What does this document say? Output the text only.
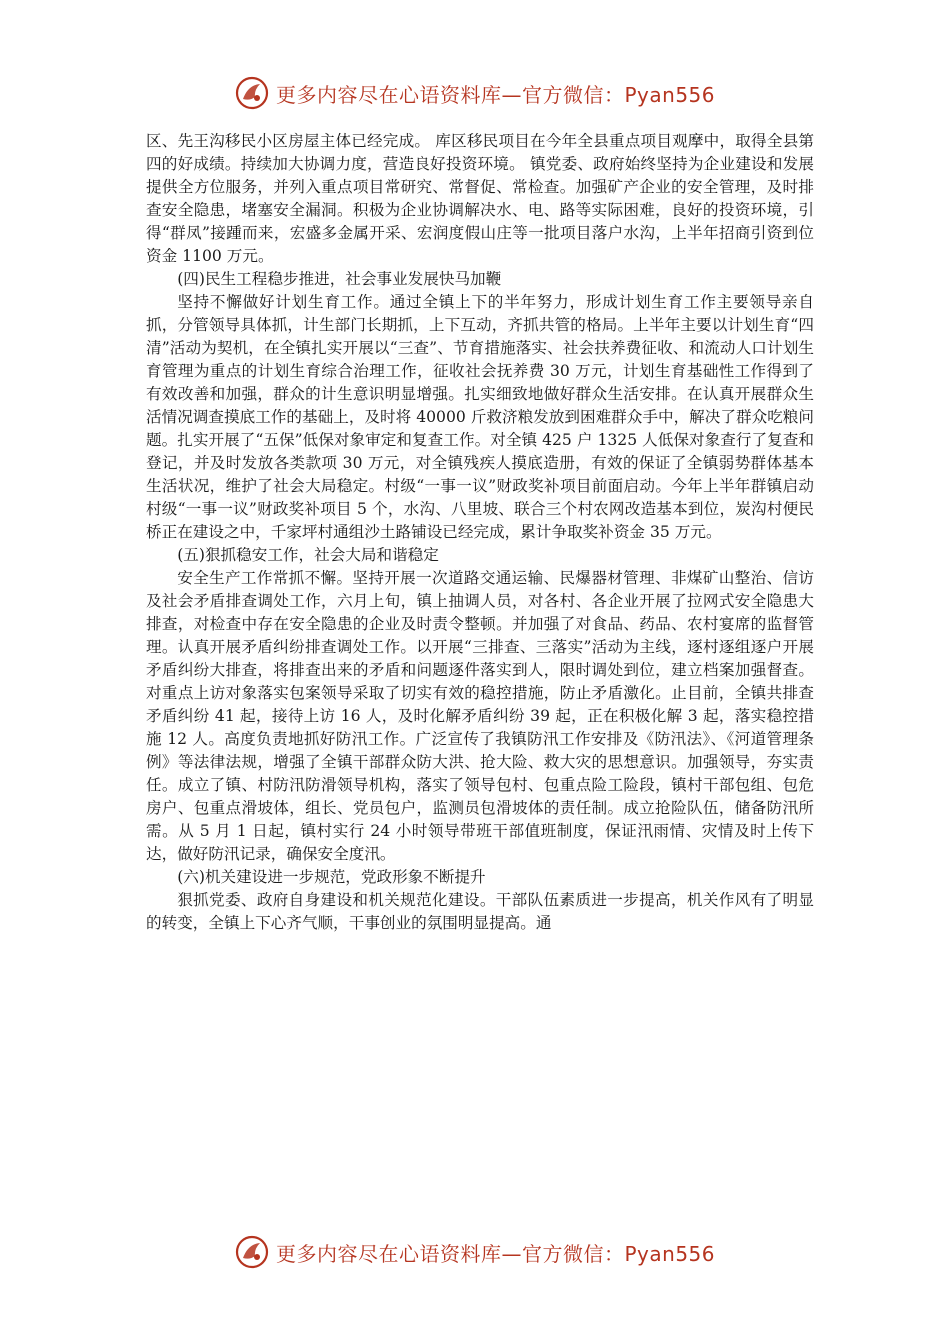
更多内容尽在心语资料库—官方微信：Pyan556

区、先王沟移民小区房屋主体已经完成。 库区移民项目在今年全县重点项目观摩中，取得全县第四的好成绩。持续加大协调力度，营造良好投资环境。 镇党委、政府始终坚持为企业建设和发展提供全方位服务，并列入重点项目常研究、常督促、常检查。加强矿产企业的安全管理，及时排查安全隐患，堵塞安全漏洞。积极为企业协调解决水、电、路等实际困难，良好的投资环境，引得“群凤”接踵而来，宏盛多金属开采、宏润度假山庄等一批项目落户水沟，上半年招商引资到位资金 1100 万元。

(四)民生工程稳步推进，社会事业发展快马加鞭

坚持不懈做好计划生育工作。通过全镇上下的半年努力，形成计划生育工作主要领导亲自抓，分管领导具体抓，计生部门长期抓，上下互动，齐抓共管的格局。上半年主要以计划生育“四清”活动为契机，在全镇扎实开展以“三查”、节育措施落实、社会扶养费征收、和流动人口计划生育管理为重点的计划生育综合治理工作，征收社会抚养费 30 万元，计划生育基础性工作得到了有效改善和加强，群众的计生意识明显增强。扎实细致地做好群众生活安排。在认真开展群众生活情况调查摸底工作的基础上，及时将 40000 斤救济粮发放到困难群众手中，解决了群众吃粮问题。扎实开展了“五保”低保对象审定和复查工作。对全镇 425 户 1325 人低保对象查行了复查和登记，并及时发放各类款项 30 万元，对全镇残疾人摸底造册，有效的保证了全镇弱势群体基本生活状况，维护了社会大局稳定。村级“一事一议”财政奖补项目前面启动。今年上半年群镇启动村级“一事一议”财政奖补项目 5 个，水沟、八里坡、联合三个村农网改造基本到位，炭沟村便民桥正在建设之中，千家坪村通组沙土路铺设已经完成，累计争取奖补资金 35 万元。

(五)狠抓稳安工作，社会大局和谐稳定

安全生产工作常抓不懈。坚持开展一次道路交通运输、民爆器材管理、非煤矿山整治、信访及社会矛盾排查调处工作，六月上旬，镇上抽调人员，对各村、各企业开展了拉网式安全隐患大排查，对检查中存在安全隐患的企业及时责令整顿。并加强了对食品、药品、农村宴席的监督管理。认真开展矛盾纠纷排查调处工作。以开展“三排查、三落实”活动为主线，逐村逐组逐户开展矛盾纠纷大排查，将排查出来的矛盾和问题逐件落实到人，限时调处到位，建立档案加强督查。对重点上访对象落实包案领导采取了切实有效的稳控措施，防止矛盾激化。止目前，全镇共排查矛盾纠纷 41 起，接待上访 16 人，及时化解矛盾纠纷 39 起，正在积极化解 3 起，落实稳控措施 12 人。高度负责地抓好防汛工作。广泛宣传了我镇防汛工作安排及《防汛法》、《河道管理条例》等法律法规，增强了全镇干部群众防大洪、抢大险、救大灾的思想意识。加强领导，夯实责任。成立了镇、村防汛防滑领导机构，落实了领导包村、包重点险工险段，镇村干部包组、包危房户、包重点滑坡体，组长、党员包户，监测员包滑坡体的责任制。成立抢险队伍，储备防汛所需。从 5 月 1 日起，镇村实行 24 小时领导带班干部值班制度，保证汛雨情、灾情及时上传下达，做好防汛记录，确保安全度汛。

(六)机关建设进一步规范，党政形象不断提升

狠抓党委、政府自身建设和机关规范化建设。干部队伍素质进一步提高，机关作风有了明显的转变，全镇上下心齐气顺，干事创业的氛围明显提高。通

更多内容尽在心语资料库—官方微信：Pyan556
